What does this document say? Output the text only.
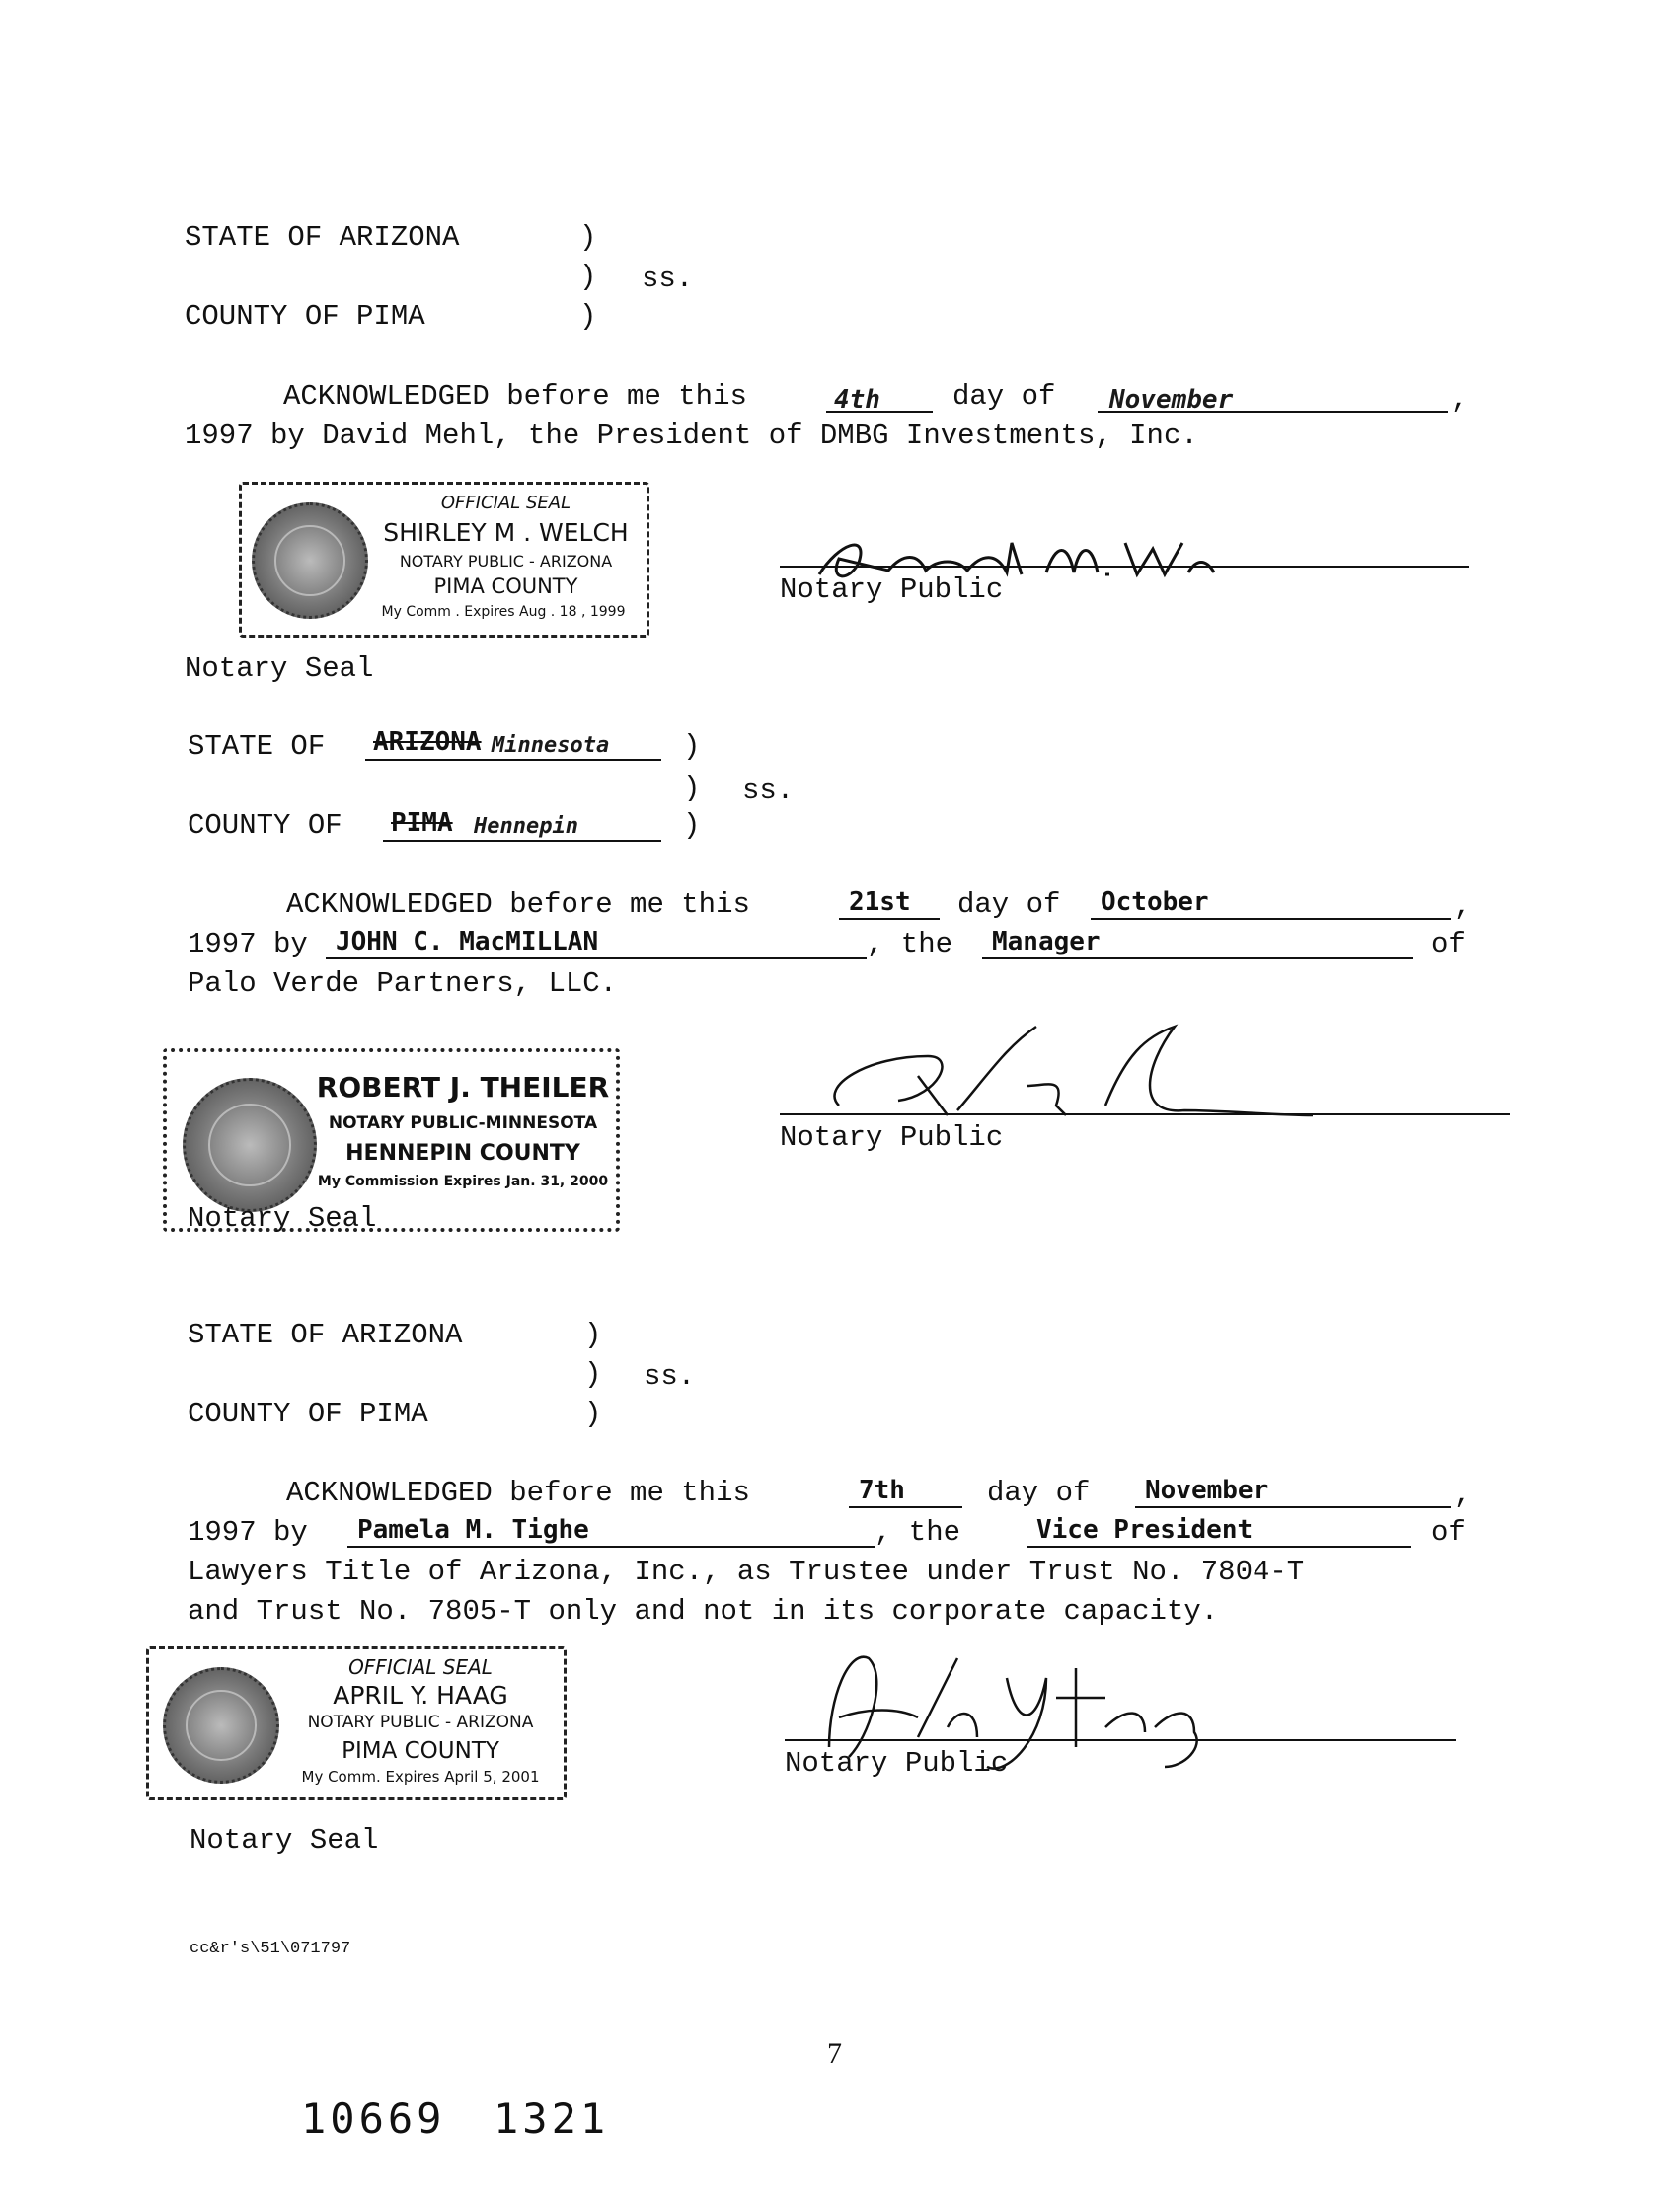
STATE OF ARIZONA	)
) ss.
COUNTY OF PIMA	)
ACKNOWLEDGED before me this	4th	day of November	,
1997 by David Mehl, the President of DMBG Investments, Inc.
OFFICIAL SEAL
SHIRLEY M . WELCH
NOTARY PUBLIC - ARIZONA
PIMA COUNTY
My Comm . Expires Aug . 18 , 1999
Notary Public
Notary Seal
STATE OF ARIZONA Minnesota	)
) ss.
COUNTY OF PIMA Hennepin	)
ACKNOWLEDGED before me this	21st day of October	,
1997 by JOHN C. MacMILLAN	, the Manager	of
Palo Verde Partners, LLC.
ROBERT J. THEILER
NOTARY PUBLIC-MINNESOTA
HENNEPIN COUNTY
My Commission Expires Jan. 31, 2000
Notary Public
Notary Seal
STATE OF ARIZONA	)
) ss.
COUNTY OF PIMA	)
ACKNOWLEDGED before me this	7th	day of November	,
1997 by Pamela M. Tighe	, the	Vice President	of
Lawyers Title of Arizona, Inc., as Trustee under Trust No. 7804-T
and Trust No. 7805-T only and not in its corporate capacity.
OFFICIAL SEAL
APRIL Y. HAAG
NOTARY PUBLIC - ARIZONA
PIMA COUNTY
My Comm. Expires April 5, 2001	Notary Public
Notary Seal
cc&r's\51\071797
7
10669 1321
